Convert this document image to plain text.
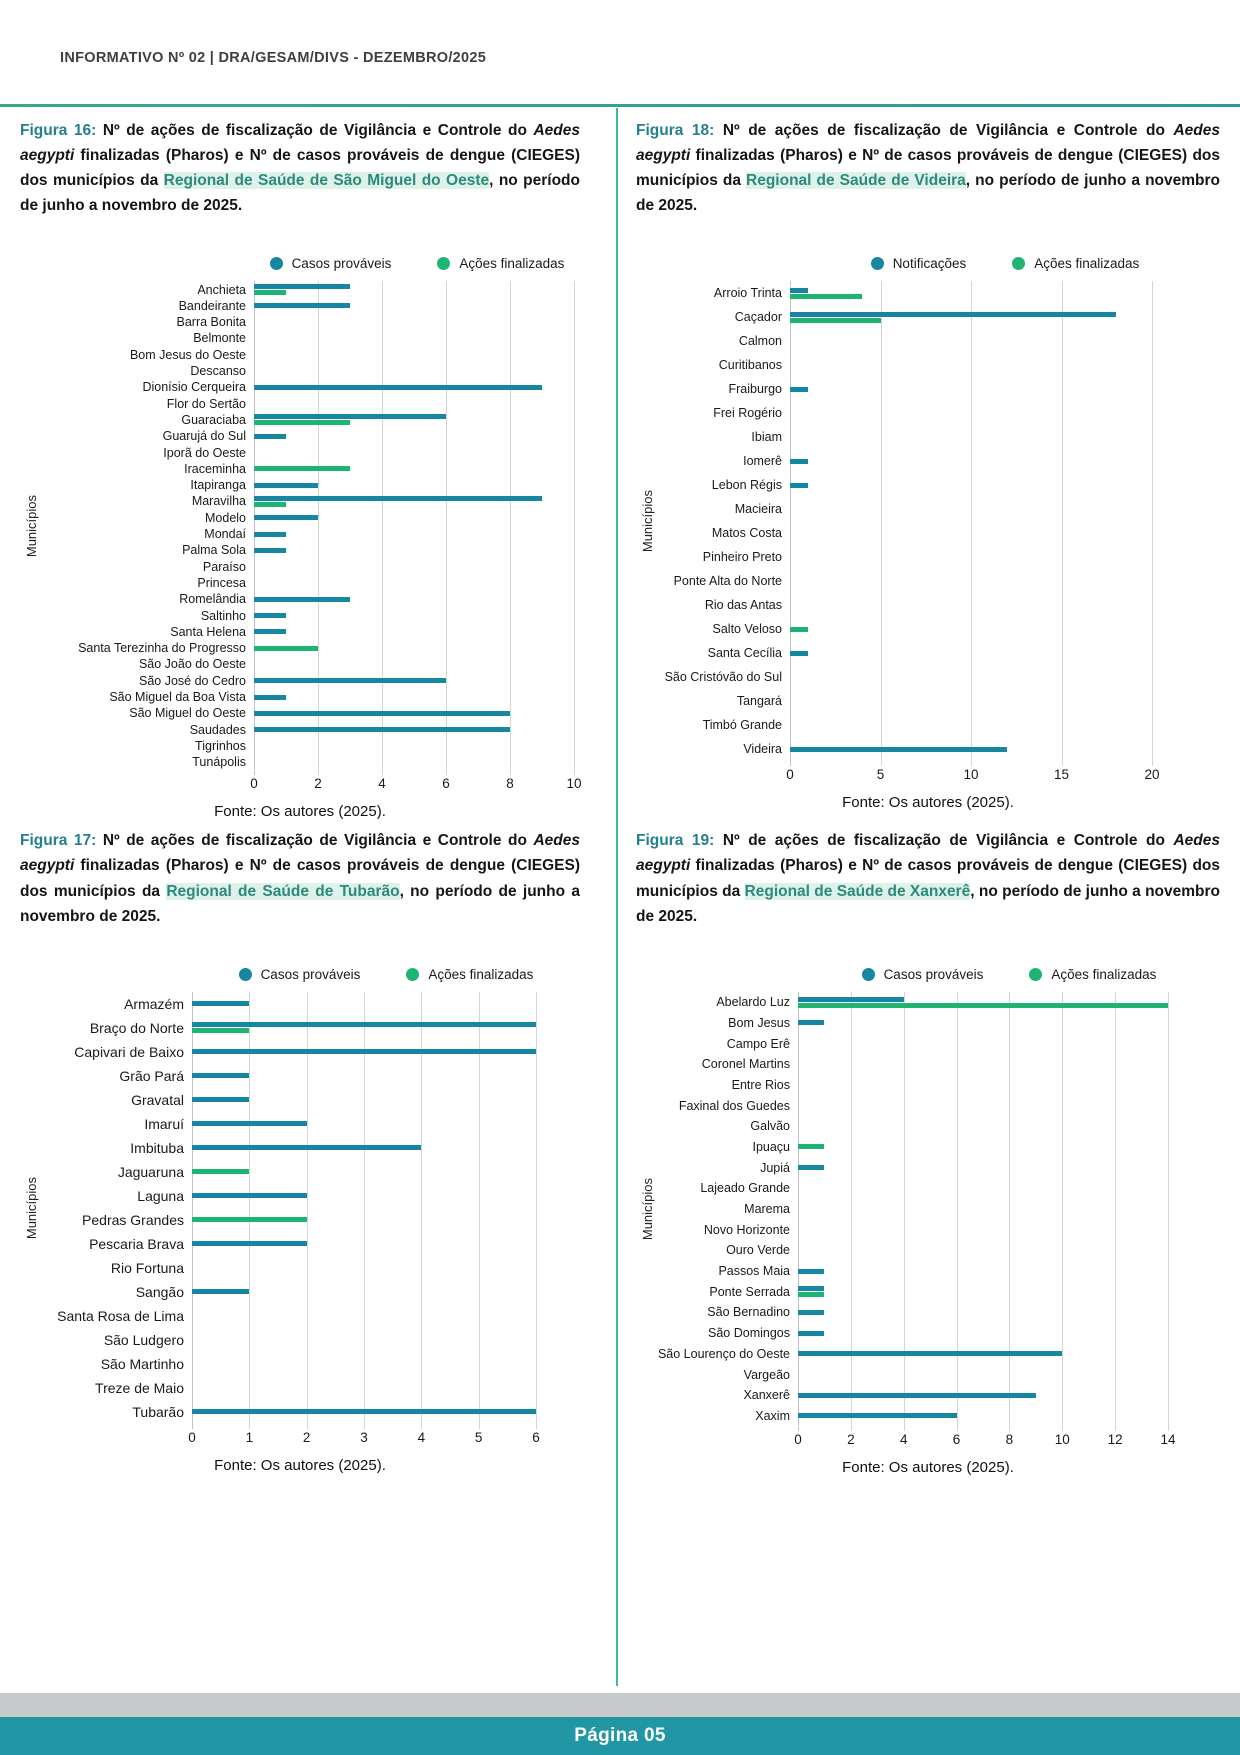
INFORMATIVO Nº 02 | DRA/GESAM/DIVS - DEZEMBRO/2025

Figura 16: Nº de ações de fiscalização de Vigilância e Controle do Aedes aegypti finalizadas (Pharos) e Nº de casos prováveis de dengue (CIEGES) dos municípios da Regional de Saúde de São Miguel do Oeste, no período de junho a novembro de 2025.

Casos prováveis	Ações finalizadas
Municípios
Anchieta
Bandeirante
Barra Bonita
Belmonte
Bom Jesus do Oeste
Descanso
Dionísio Cerqueira
Flor do Sertão
Guaraciaba
Guarujá do Sul
Iporã do Oeste
Iraceminha
Itapiranga
Maravilha
Modelo
Mondaí
Palma Sola
Paraíso
Princesa
Romelândia
Saltinho
Santa Helena
Santa Terezinha do Progresso
São João do Oeste
São José do Cedro
São Miguel da Boa Vista
São Miguel do Oeste
Saudades
Tigrinhos
Tunápolis
0	2	4	6	8	10
Fonte: Os autores (2025).

Figura 18: Nº de ações de fiscalização de Vigilância e Controle do Aedes aegypti finalizadas (Pharos) e Nº de casos prováveis de dengue (CIEGES) dos municípios da Regional de Saúde de Videira, no período de junho a novembro de 2025.

Notificações	Ações finalizadas
Municípios
Arroio Trinta
Caçador
Calmon
Curitibanos
Fraiburgo
Frei Rogério
Ibiam
Iomerê
Lebon Régis
Macieira
Matos Costa
Pinheiro Preto
Ponte Alta do Norte
Rio das Antas
Salto Veloso
Santa Cecília
São Cristóvão do Sul
Tangará
Timbó Grande
Videira
0	5	10	15	20
Fonte: Os autores (2025).

Figura 17: Nº de ações de fiscalização de Vigilância e Controle do Aedes aegypti finalizadas (Pharos) e Nº de casos prováveis de dengue (CIEGES) dos municípios da Regional de Saúde de Tubarão, no período de junho a novembro de 2025.

Casos prováveis	Ações finalizadas
Municípios
Armazém
Braço do Norte
Capivari de Baixo
Grão Pará
Gravatal
Imaruí
Imbituba
Jaguaruna
Laguna
Pedras Grandes
Pescaria Brava
Rio Fortuna
Sangão
Santa Rosa de Lima
São Ludgero
São Martinho
Treze de Maio
Tubarão
0	1	2	3	4	5	6
Fonte: Os autores (2025).

Figura 19: Nº de ações de fiscalização de Vigilância e Controle do Aedes aegypti finalizadas (Pharos) e Nº de casos prováveis de dengue (CIEGES) dos municípios da Regional de Saúde de Xanxerê, no período de junho a novembro de 2025.

Casos prováveis	Ações finalizadas
Municípios
Abelardo Luz
Bom Jesus
Campo Erê
Coronel Martins
Entre Rios
Faxinal dos Guedes
Galvão
Ipuaçu
Jupiá
Lajeado Grande
Marema
Novo Horizonte
Ouro Verde
Passos Maia
Ponte Serrada
São Bernadino
São Domingos
São Lourenço do Oeste
Vargeão
Xanxerê
Xaxim
0	2	4	6	8	10	12	14
Fonte: Os autores (2025).
Página 05
